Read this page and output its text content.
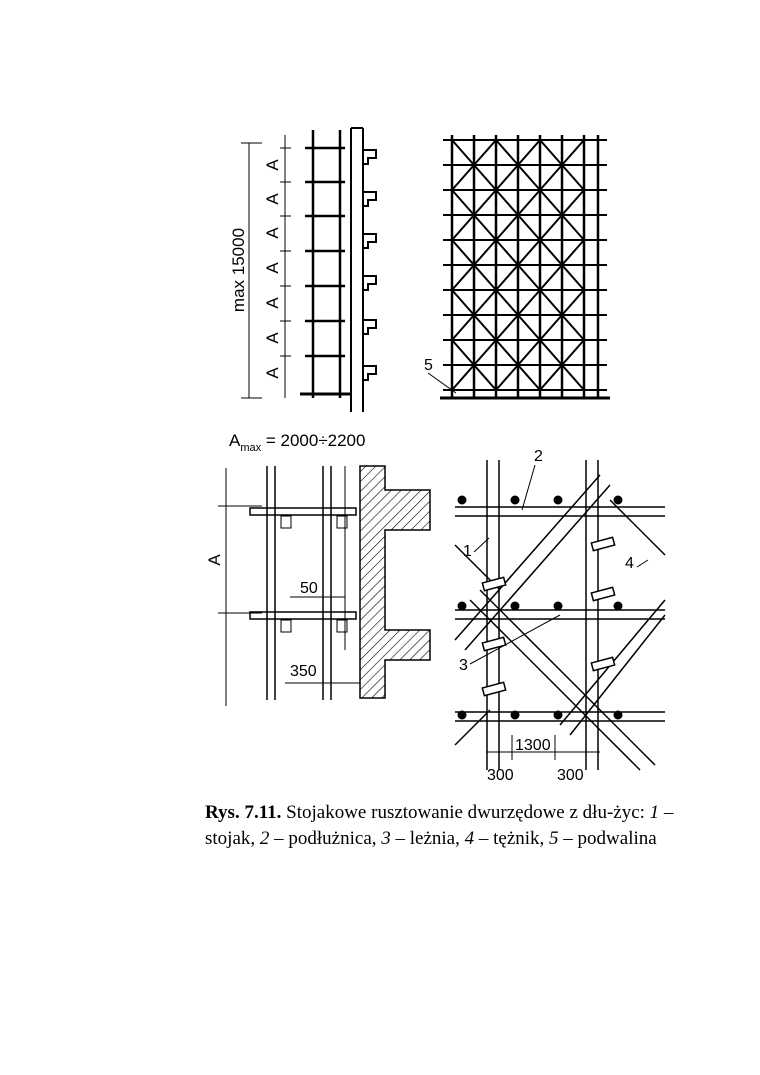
A
A
A
A
A
A
A
max 15000
5
$A_{max} = 2000\div 2200$
A
50
350
1300
300	300
2
1
4
3
Rys. 7.11. Stojakowe rusztowanie dwurzędowe z dłu-życ: 1 – stojak, 2 – podłużnica, 3 – leżnia, 4 – tężnik, 5 – podwalina
